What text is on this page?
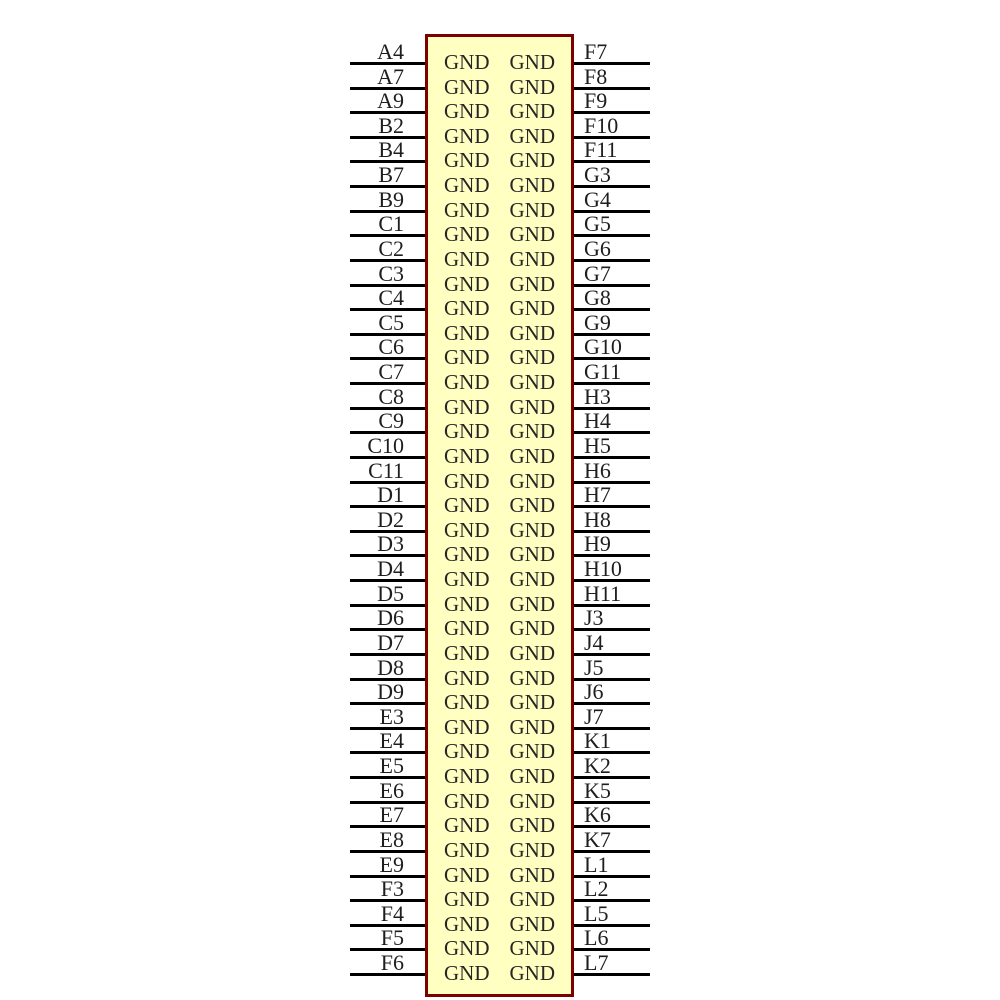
GND GND
GND GND
GND GND
GND GND
GND GND
GND GND
GND GND
GND GND
GND GND
GND GND
GND GND
GND GND
GND GND
GND GND
GND GND
GND GND
GND GND
GND GND
GND GND
GND GND
GND GND
GND GND
GND GND
GND GND
GND GND
GND GND
GND GND
GND GND
GND GND
GND GND
GND GND
GND GND
GND GND
GND GND
GND GND
GND GND
GND GND
GND GND
A4
A7
A9
B2
B4
B7
B9
C1
C2
C3
C4
C5
C6
C7
C8
C9
C10
C11
D1
D2
D3
D4
D5
D6
D7
D8
D9
E3
E4
E5
E6
E7
E8
E9
F3
F4
F5
F6
F7
F8
F9
F10
F11
G3
G4
G5
G6
G7
G8
G9
G10
G11
H3
H4
H5
H6
H7
H8
H9
H10
H11
J3
J4
J5
J6
J7
K1
K2
K5
K6
K7
L1
L2
L5
L6
L7
